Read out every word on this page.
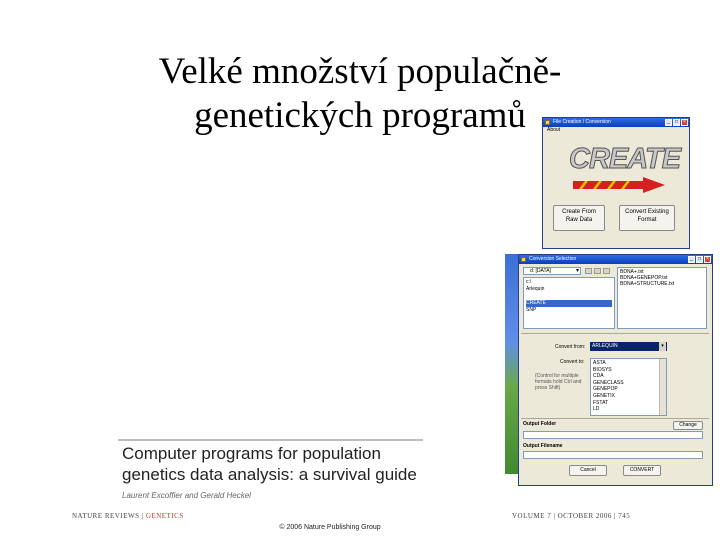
Velké množství populačně-
genetických programů	File Creation / Conversion	_	□	×
About
CREATE
Create From
Raw Data
Convert Existing
Format
Conversion Selection	_	□	×
d: [DATA] ▾
c:\
Arlequin
CREATE
SNP
BDNA+.txt
BDNA+GENEPOP.txt
BDNA+STRUCTURE.txt
Convert from:	ARLEQUIN ▾
Convert to: ASTA
BIOSYS
CDA
GENECLASS
GENEPOP
GENETIX
FSTAT
LD
(Control for multiple formats hold Ctrl and press Shift)
Output Folder	Change
Output Filename
Cancel	CONVERT
Computer programs for population
genetics data analysis: a survival guide
Laurent Excoffier and Gerald Heckel
NATURE REVIEWS | GENETICS	VOLUME 7 | OCTOBER 2006 | 745
© 2006 Nature Publishing Group
